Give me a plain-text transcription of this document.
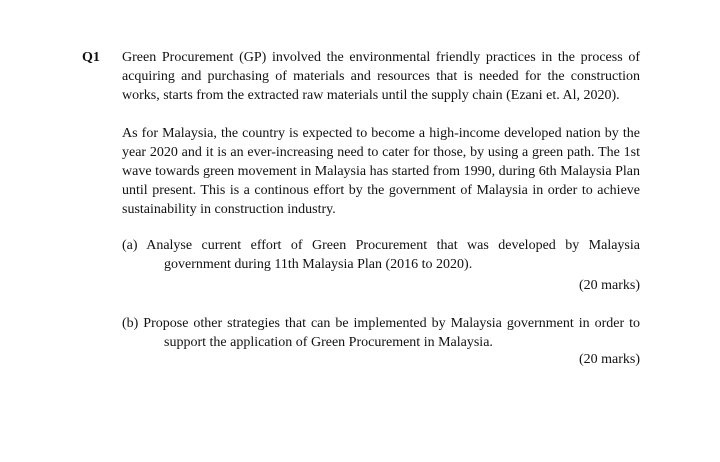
Q1 Green Procurement (GP) involved the environmental friendly practices in the process of acquiring and purchasing of materials and resources that is needed for the construction works, starts from the extracted raw materials until the supply chain (Ezani et. Al, 2020).
As for Malaysia, the country is expected to become a high-income developed nation by the year 2020 and it is an ever-increasing need to cater for those, by using a green path. The 1st wave towards green movement in Malaysia has started from 1990, during 6th Malaysia Plan until present. This is a continous effort by the government of Malaysia in order to achieve sustainability in construction industry.
(a) Analyse current effort of Green Procurement that was developed by Malaysia government during 11th Malaysia Plan (2016 to 2020).
(20 marks)
(b) Propose other strategies that can be implemented by Malaysia government in order to support the application of Green Procurement in Malaysia.
(20 marks)
